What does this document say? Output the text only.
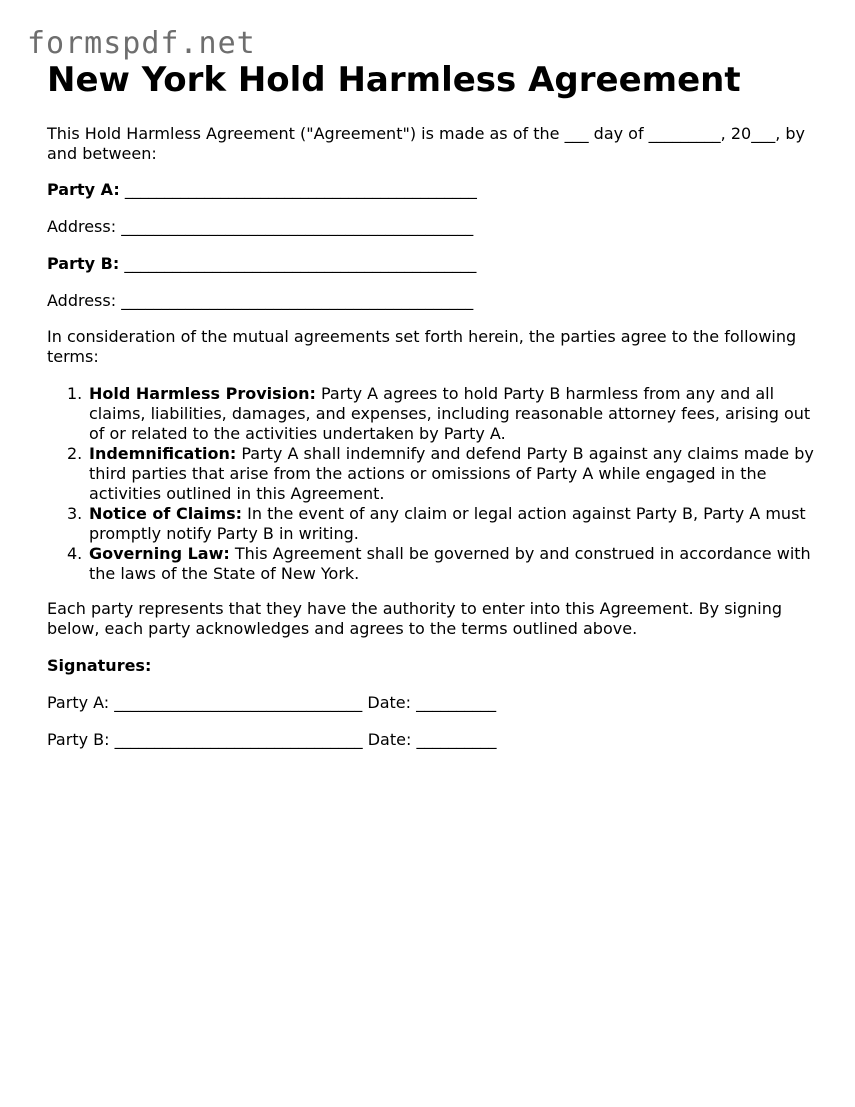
formspdf.net
New York Hold Harmless Agreement
This Hold Harmless Agreement ("Agreement") is made as of the ___ day of _________, 20___, by and between:
Party A: ____________________________________________
Address: ____________________________________________
Party B: ____________________________________________
Address: ____________________________________________
In consideration of the mutual agreements set forth herein, the parties agree to the following terms:
1. Hold Harmless Provision: Party A agrees to hold Party B harmless from any and all claims, liabilities, damages, and expenses, including reasonable attorney fees, arising out of or related to the activities undertaken by Party A.
2. Indemnification: Party A shall indemnify and defend Party B against any claims made by third parties that arise from the actions or omissions of Party A while engaged in the activities outlined in this Agreement.
3. Notice of Claims: In the event of any claim or legal action against Party B, Party A must promptly notify Party B in writing.
4. Governing Law: This Agreement shall be governed by and construed in accordance with the laws of the State of New York.
Each party represents that they have the authority to enter into this Agreement. By signing below, each party acknowledges and agrees to the terms outlined above.
Signatures:
Party A: _______________________________ Date: __________
Party B: _______________________________ Date: __________
